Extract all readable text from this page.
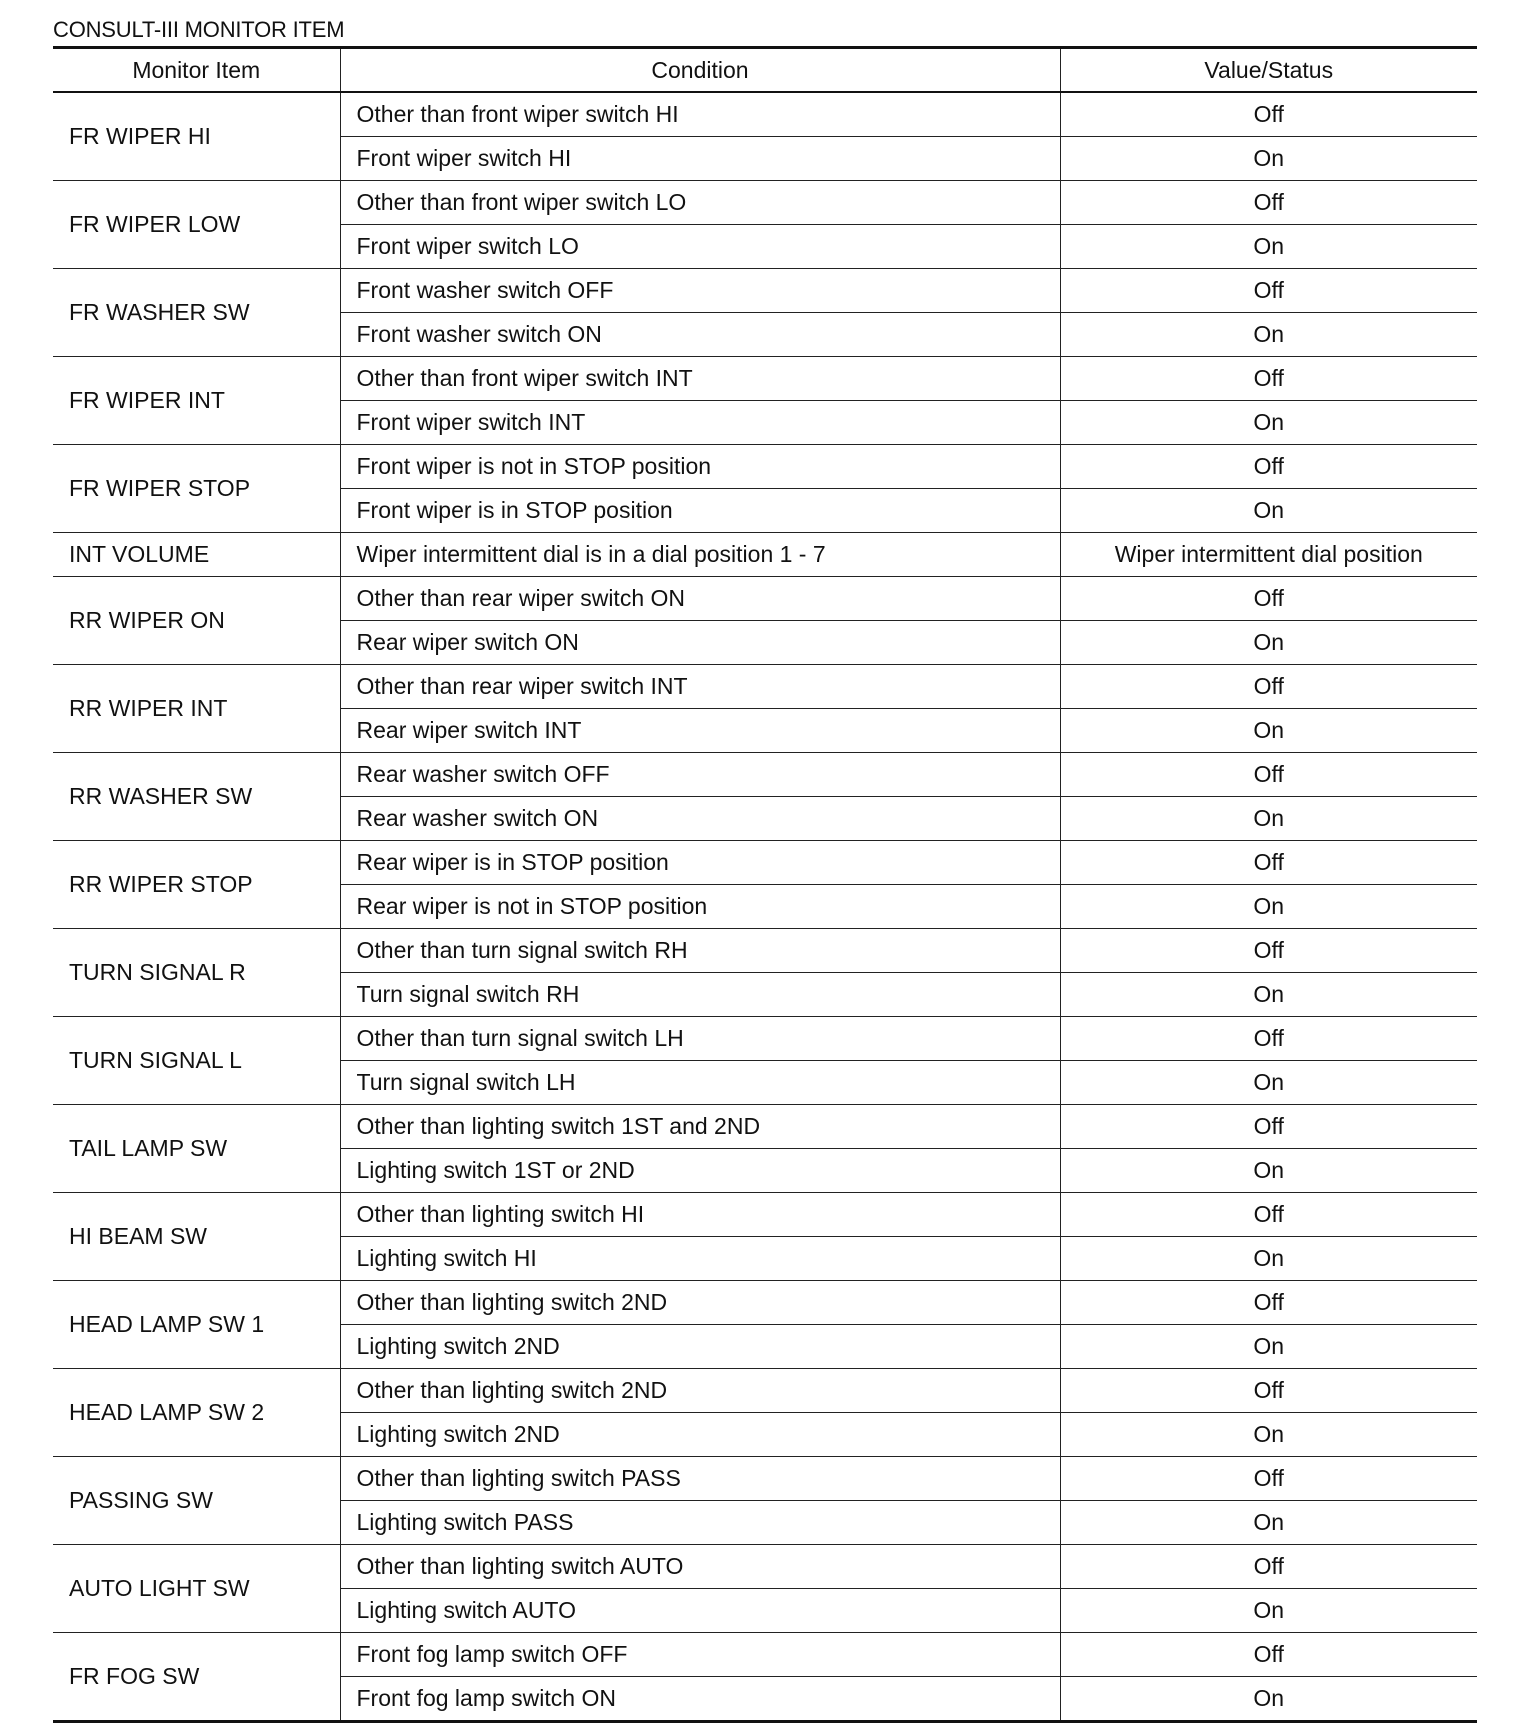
CONSULT-III MONITOR ITEM
Monitor Item	Condition	Value/Status
FR WIPER HI	Other than front wiper switch HI	Off
	Front wiper switch HI	On
FR WIPER LOW	Other than front wiper switch LO	Off
	Front wiper switch LO	On
FR WASHER SW	Front washer switch OFF	Off
	Front washer switch ON	On
FR WIPER INT	Other than front wiper switch INT	Off
	Front wiper switch INT	On
FR WIPER STOP	Front wiper is not in STOP position	Off
	Front wiper is in STOP position	On
INT VOLUME	Wiper intermittent dial is in a dial position 1 - 7	Wiper intermittent dial position
RR WIPER ON	Other than rear wiper switch ON	Off
	Rear wiper switch ON	On
RR WIPER INT	Other than rear wiper switch INT	Off
	Rear wiper switch INT	On
RR WASHER SW	Rear washer switch OFF	Off
	Rear washer switch ON	On
RR WIPER STOP	Rear wiper is in STOP position	Off
	Rear wiper is not in STOP position	On
TURN SIGNAL R	Other than turn signal switch RH	Off
	Turn signal switch RH	On
TURN SIGNAL L	Other than turn signal switch LH	Off
	Turn signal switch LH	On
TAIL LAMP SW	Other than lighting switch 1ST and 2ND	Off
	Lighting switch 1ST or 2ND	On
HI BEAM SW	Other than lighting switch HI	Off
	Lighting switch HI	On
HEAD LAMP SW 1	Other than lighting switch 2ND	Off
	Lighting switch 2ND	On
HEAD LAMP SW 2	Other than lighting switch 2ND	Off
	Lighting switch 2ND	On
PASSING SW	Other than lighting switch PASS	Off
	Lighting switch PASS	On
AUTO LIGHT SW	Other than lighting switch AUTO	Off
	Lighting switch AUTO	On
FR FOG SW	Front fog lamp switch OFF	Off
	Front fog lamp switch ON	On
